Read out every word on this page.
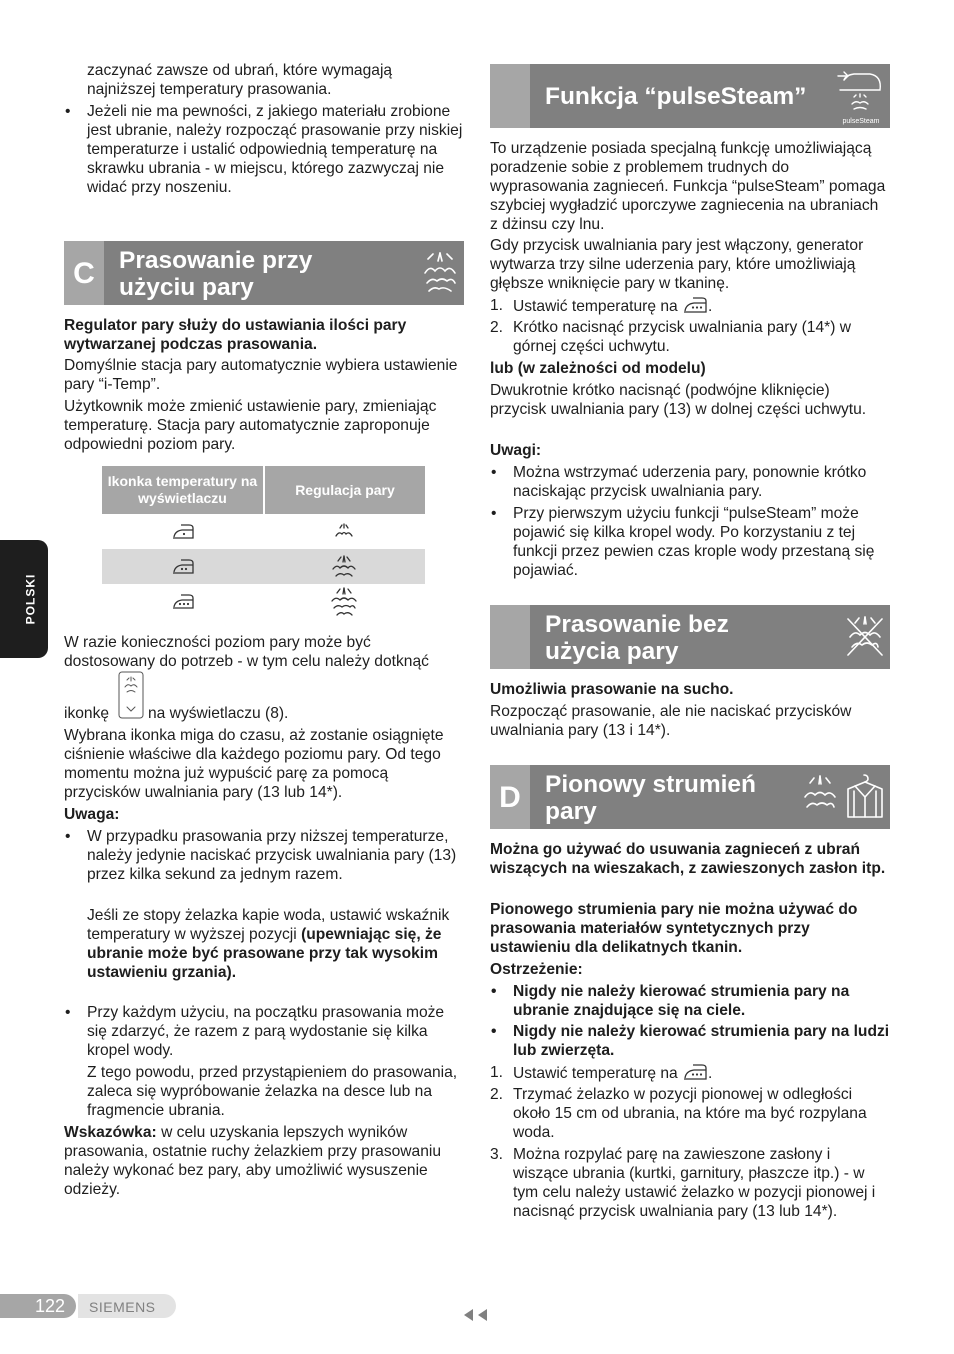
zaczynać zawsze od ubrań, które wymagają najniższej temperatury prasowania.

• Jeżeli nie ma pewności, z jakiego materiału zrobione jest ubranie, należy rozpocząć prasowanie przy niskiej temperaturze i ustalić odpowiednią temperaturę na skrawku ubrania - w miejscu, którego zazwyczaj nie widać przy noszeniu.
C Prasowanie przy
użyciu pary

Regulator pary służy do ustawiania ilości pary wytwarzanej podczas prasowania.

Domyślnie stacja pary automatycznie wybiera ustawienie pary “i-Temp”.

Użytkownik może zmienić ustawienie pary, zmieniając temperaturę. Stacja pary automatycznie zaproponuje odpowiedni poziom pary.

Ikonka temperatury na wyświetlaczu
Regulacja pary

W razie konieczności poziom pary może być dostosowany do potrzeb - w tym celu należy dotknąć

ikonkę na wyświetlaczu (8).

Wybrana ikonka miga do czasu, aż zostanie osiągnięte ciśnienie właściwe dla każdego poziomu pary. Od tego momentu można już wypuścić parę za pomocą przycisków uwalniania pary (13 lub 14*).

Uwaga:

• W przypadku prasowania przy niższej temperaturze, należy jedynie naciskać przycisk uwalniania pary (13) przez kilka sekund za jednym razem.

Jeśli ze stopy żelazka kapie woda, ustawić wskaźnik temperatury w wyższej pozycji (upewniając się, że ubranie może być prasowane przy tak wysokim ustawieniu grzania).

• Przy każdym użyciu, na początku prasowania może się zdarzyć, że razem z parą wydostanie się kilka kropel wody.

Z tego powodu, przed przystąpieniem do prasowania, zaleca się wypróbowanie żelazka na desce lub na fragmencie ubrania.

Wskazówka: w celu uzyskania lepszych wyników prasowania, ostatnie ruchy żelazkiem przy prasowaniu należy wykonać bez pary, aby umożliwić wysuszenie odzieży.

Funkcja “pulseSteam”
pulseSteam

To urządzenie posiada specjalną funkcję umożliwiającą poradzenie sobie z problemem trudnych do wyprasowania zagnieceń. Funkcja “pulseSteam” pomaga szybciej wygładzić uporczywe zagniecenia na ubraniach z dżinsu czy lnu.

Gdy przycisk uwalniania pary jest włączony, generator wytwarza trzy silne uderzenia pary, które umożliwiają głębsze wniknięcie pary w tkaninę.

1. Ustawić temperaturę na .
2. Krótko nacisnąć przycisk uwalniania pary (14*) w górnej części uchwytu.

lub (w zależności od modelu)

Dwukrotnie krótko nacisnąć (podwójne kliknięcie) przycisk uwalniania pary (13) w dolnej części uchwytu.

Uwagi:

• Można wstrzymać uderzenia pary, ponownie krótko naciskając przycisk uwalniania pary.
• Przy pierwszym użyciu funkcji “pulseSteam” może pojawić się kilka kropel wody. Po korzystaniu z tej funkcji przez pewien czas krople wody przestaną się pojawiać.
Prasowanie bez
użycia pary

Umożliwia prasowanie na sucho.

Rozpocząć prasowanie, ale nie naciskać przycisków uwalniania pary (13 i 14*).

D Pionowy strumień
pary

Można go używać do usuwania zagnieceń z ubrań wiszących na wieszakach, z zawieszonych zasłon itp.

Pionowego strumienia pary nie można używać do prasowania materiałów syntetycznych przy ustawieniu dla delikatnych tkanin.

Ostrzeżenie:

• Nigdy nie należy kierować strumienia pary na ubranie znajdujące się na ciele.
• Nigdy nie należy kierować strumienia pary na ludzi lub zwierzęta.
1. Ustawić temperaturę na .
2. Trzymać żelazko w pozycji pionowej w odległości około 15 cm od ubrania, na które ma być rozpylana woda.
3. Można rozpylać parę na zawieszone zasłony i wiszące ubrania (kurtki, garnitury, płaszcze itp.) - w tym celu należy ustawić żelazko w pozycji pionowej i nacisnąć przycisk uwalniania pary (13 lub 14*).
POLSKI
122 SIEMENS
